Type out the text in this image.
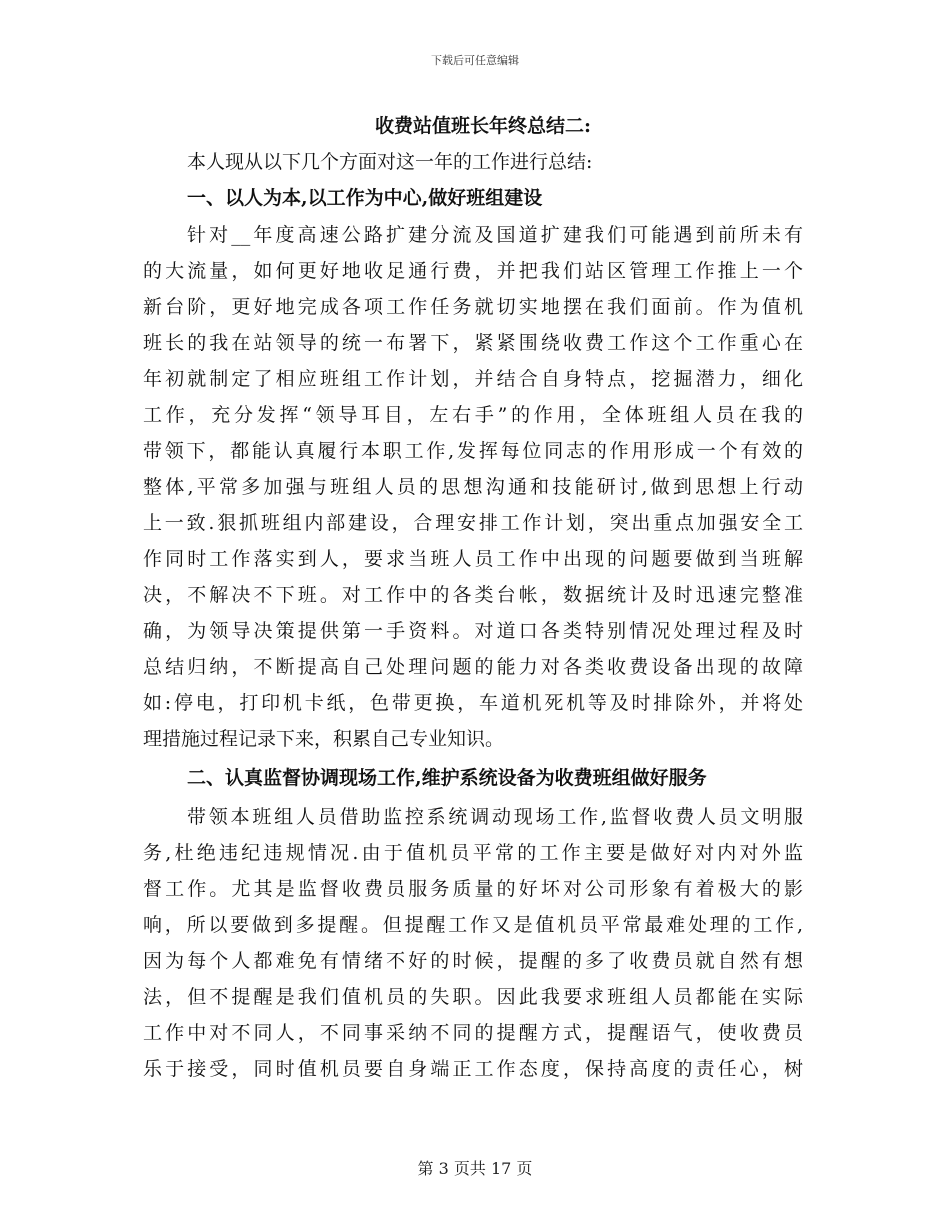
下载后可任意编辑
收费站值班长年终总结二:
本人现从以下几个方面对这一年的工作进行总结:
一、以人为本,以工作为中心,做好班组建设
针对__年度高速公路扩建分流及国道扩建我们可能遇到前所未有
的大流量，如何更好地收足通行费，并把我们站区管理工作推上一个
新台阶，更好地完成各项工作任务就切实地摆在我们面前。作为值机
班长的我在站领导的统一布署下，紧紧围绕收费工作这个工作重心在
年初就制定了相应班组工作计划，并结合自身特点，挖掘潜力，细化
工作，充分发挥“领导耳目，左右手”的作用，全体班组人员在我的
带领下，都能认真履行本职工作,发挥每位同志的作用形成一个有效的
整体,平常多加强与班组人员的思想沟通和技能研讨,做到思想上行动
上一致.狠抓班组内部建设，合理安排工作计划，突出重点加强安全工
作同时工作落实到人，要求当班人员工作中出现的问题要做到当班解
决，不解决不下班。对工作中的各类台帐，数据统计及时迅速完整准
确，为领导决策提供第一手资料。对道口各类特别情况处理过程及时
总结归纳，不断提高自己处理问题的能力对各类收费设备出现的故障
如:停电，打印机卡纸，色带更换，车道机死机等及时排除外，并将处
理措施过程记录下来，积累自己专业知识。
二、认真监督协调现场工作,维护系统设备为收费班组做好服务
带领本班组人员借助监控系统调动现场工作,监督收费人员文明服
务,杜绝违纪违规情况.由于值机员平常的工作主要是做好对内对外监
督工作。尤其是监督收费员服务质量的好坏对公司形象有着极大的影
响，所以要做到多提醒。但提醒工作又是值机员平常最难处理的工作,
因为每个人都难免有情绪不好的时候，提醒的多了收费员就自然有想
法，但不提醒是我们值机员的失职。因此我要求班组人员都能在实际
工作中对不同人，不同事采纳不同的提醒方式，提醒语气，使收费员
乐于接受，同时值机员要自身端正工作态度，保持高度的责任心，树
第 3 页共 17 页
